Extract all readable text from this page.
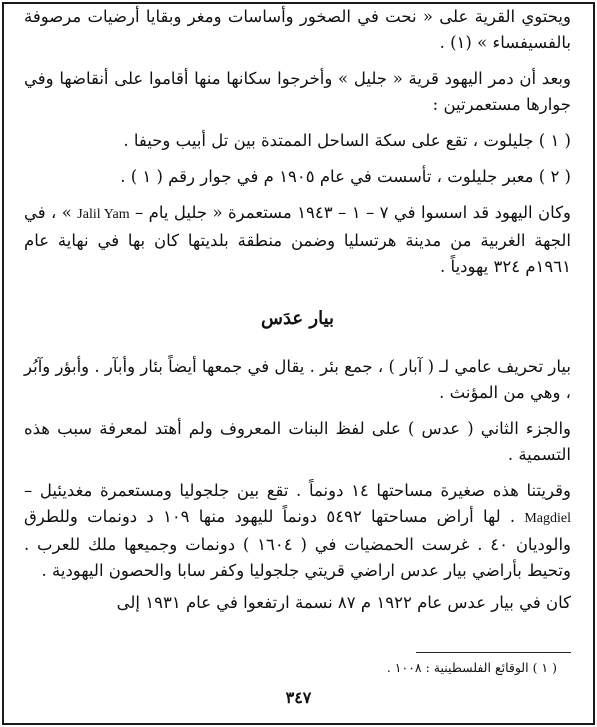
ويحتوي القرية على « نحت في الصخور وأساسات ومغر وبقايا أرضيات مرصوفة بالفسيفساء » (١) .

وبعد أن دمر اليهود قرية « جليل » وأخرجوا سكانها منها أقاموا على أنقاضها وفي جوارها مستعمرتين :

( ١ ) جليلوت ، تقع على سكة الساحل الممتدة بين تل أبيب وحيفا .

( ٢ ) معبر جليلوت ، تأسست في عام ١٩٠٥ م في جوار رقم ( ١ ) .

وكان اليهود قد اسسوا في ٧ – ١ – ١٩٤٣ مستعمرة « جليل يام – Jalil Yam » ، في الجهة الغربية من مدينة هرتسليا وضمن منطقة بلديتها كان بها في نهاية عام ١٩٦١م ٣٢٤ يهودياً .

بيار عدَس

بيار تحريف عامي لـ ( آبار ) ، جمع بئر . يقال في جمعها أيضاً بئار وأبآر . وأبؤر وآبُر ، وهي من المؤنث .

والجزء الثاني ( عدس ) على لفظ البنات المعروف ولم أهتد لمعرفة سبب هذه التسمية .

وقريتنا هذه صغيرة مساحتها ١٤ دونماً . تقع بين جلجوليا ومستعمرة مغديئيل – Magdiel . لها أراض مساحتها ٥٤٩٢ دونماً لليهود منها ١٠٩ د دونمات وللطرق والوديان ٤٠ . غرست الحمضيات في ( ١٦٠٤ ) دونمات وجميعها ملك للعرب . وتحيط بأراضي بيار عدس اراضي قريتي جلجوليا وكفر سابا والحصون اليهودية .

كان في بيار عدس عام ١٩٢٢ م ٨٧ نسمة ارتفعوا في عام ١٩٣١ إلى

( ١ ) الوقائع الفلسطينية : ١٠٠٨ .
٣٤٧
